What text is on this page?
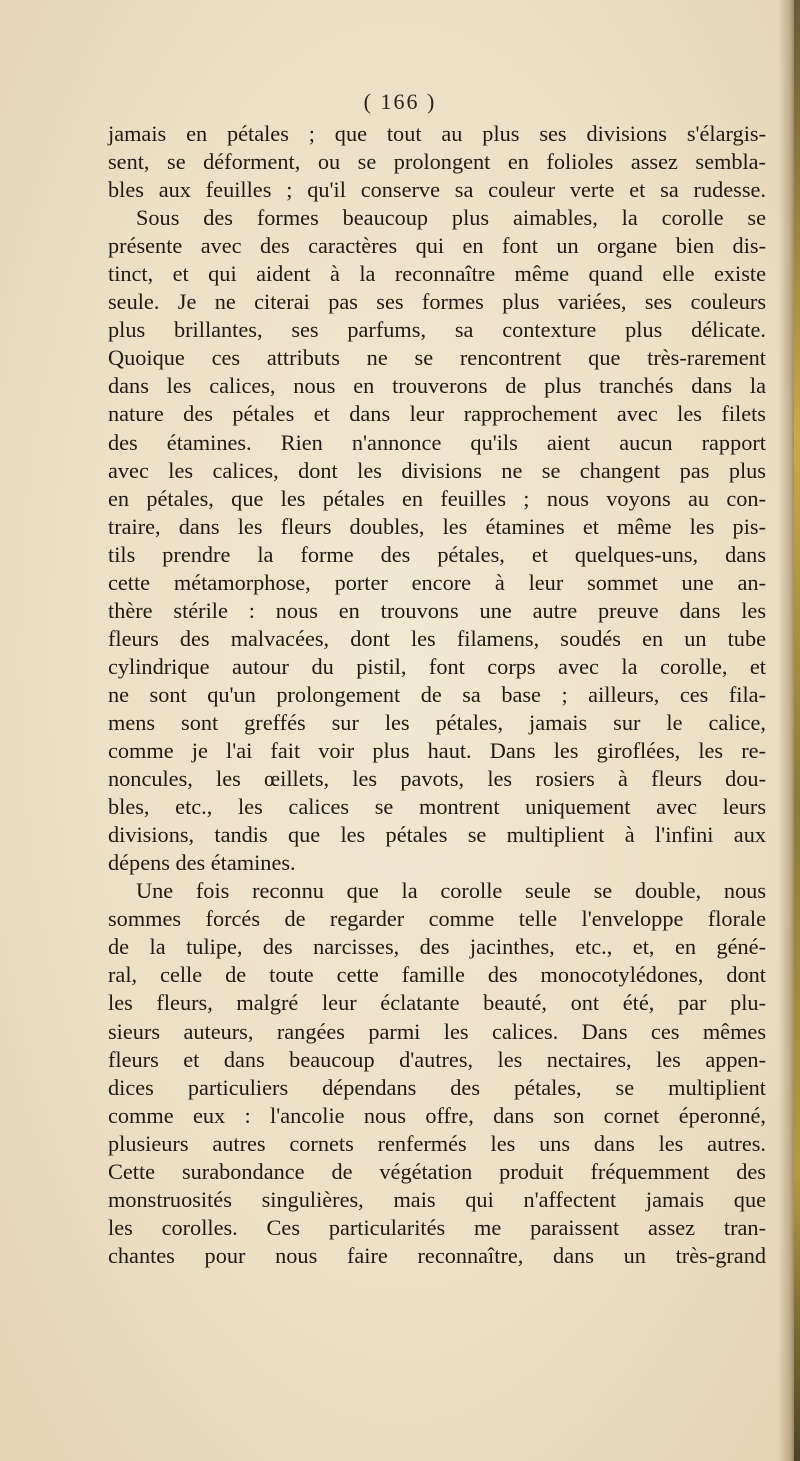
( 166 )
jamais en pétales ; que tout au plus ses divisions s'élargis-
sent, se déforment, ou se prolongent en folioles assez sembla-
bles aux feuilles ; qu'il conserve sa couleur verte et sa rudesse.
Sous des formes beaucoup plus aimables, la corolle se
présente avec des caractères qui en font un organe bien dis-
tinct, et qui aident à la reconnaître même quand elle existe
seule. Je ne citerai pas ses formes plus variées, ses couleurs
plus brillantes, ses parfums, sa contexture plus délicate.
Quoique ces attributs ne se rencontrent que très-rarement
dans les calices, nous en trouverons de plus tranchés dans la
nature des pétales et dans leur rapprochement avec les filets
des étamines. Rien n'annonce qu'ils aient aucun rapport
avec les calices, dont les divisions ne se changent pas plus
en pétales, que les pétales en feuilles ; nous voyons au con-
traire, dans les fleurs doubles, les étamines et même les pis-
tils prendre la forme des pétales, et quelques-uns, dans
cette métamorphose, porter encore à leur sommet une an-
thère stérile : nous en trouvons une autre preuve dans les
fleurs des malvacées, dont les filamens, soudés en un tube
cylindrique autour du pistil, font corps avec la corolle, et
ne sont qu'un prolongement de sa base ; ailleurs, ces fila-
mens sont greffés sur les pétales, jamais sur le calice,
comme je l'ai fait voir plus haut. Dans les giroflées, les re-
noncules, les œillets, les pavots, les rosiers à fleurs dou-
bles, etc., les calices se montrent uniquement avec leurs
divisions, tandis que les pétales se multiplient à l'infini aux
dépens des étamines.
Une fois reconnu que la corolle seule se double, nous
sommes forcés de regarder comme telle l'enveloppe florale
de la tulipe, des narcisses, des jacinthes, etc., et, en géné-
ral, celle de toute cette famille des monocotylédones, dont
les fleurs, malgré leur éclatante beauté, ont été, par plu-
sieurs auteurs, rangées parmi les calices. Dans ces mêmes
fleurs et dans beaucoup d'autres, les nectaires, les appen-
dices particuliers dépendans des pétales, se multiplient
comme eux : l'ancolie nous offre, dans son cornet éperonné,
plusieurs autres cornets renfermés les uns dans les autres.
Cette surabondance de végétation produit fréquemment des
monstruosités singulières, mais qui n'affectent jamais que
les corolles. Ces particularités me paraissent assez tran-
chantes pour nous faire reconnaître, dans un très-grand
